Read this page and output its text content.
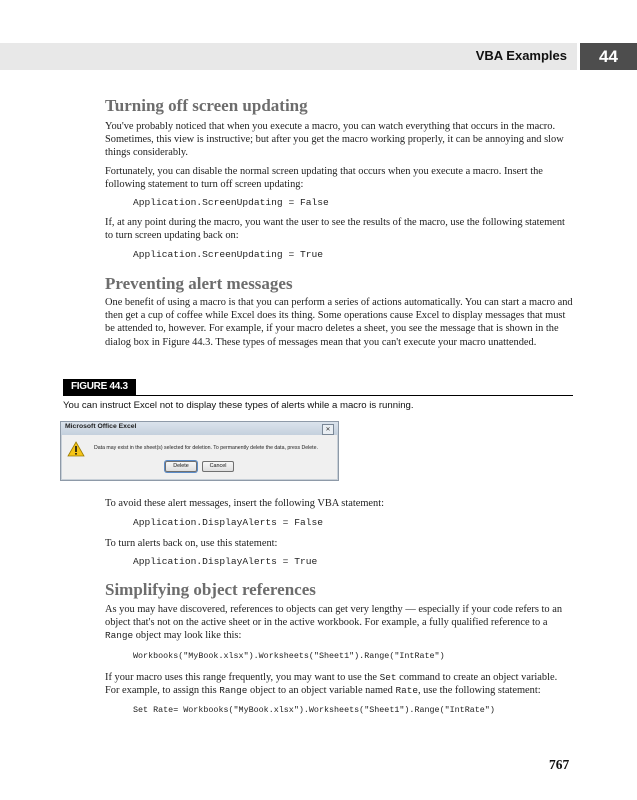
VBA Examples	44
Turning off screen updating

You've probably noticed that when you execute a macro, you can watch everything that occurs in the macro. Sometimes, this view is instructive; but after you get the macro working properly, it can be annoying and slow things considerably.

Fortunately, you can disable the normal screen updating that occurs when you execute a macro. Insert the following statement to turn off screen updating:

Application.ScreenUpdating = False

If, at any point during the macro, you want the user to see the results of the macro, use the following statement to turn screen updating back on:

Application.ScreenUpdating = True
Preventing alert messages

One benefit of using a macro is that you can perform a series of actions automatically. You can start a macro and then get a cup of coffee while Excel does its thing. Some operations cause Excel to display messages that must be attended to, however. For example, if your macro deletes a sheet, you see the message that is shown in the dialog box in Figure 44.3. These types of messages mean that you can't execute your macro unattended.

FIGURE 44.3

You can instruct Excel not to display these types of alerts while a macro is running.

Microsoft Office Excel	✕
Data may exist in the sheet(s) selected for deletion. To permanently delete the data, press Delete.
Delete	Cancel

To avoid these alert messages, insert the following VBA statement:

Application.DisplayAlerts = False

To turn alerts back on, use this statement:

Application.DisplayAlerts = True
Simplifying object references

As you may have discovered, references to objects can get very lengthy — especially if your code refers to an object that's not on the active sheet or in the active workbook. For example, a fully qualified reference to a Range object may look like this:

Workbooks("MyBook.xlsx").Worksheets("Sheet1").Range("IntRate")

If your macro uses this range frequently, you may want to use the Set command to create an object variable. For example, to assign this Range object to an object variable named Rate, use the following statement:

Set Rate= Workbooks("MyBook.xlsx").Worksheets("Sheet1").Range("IntRate")
767
